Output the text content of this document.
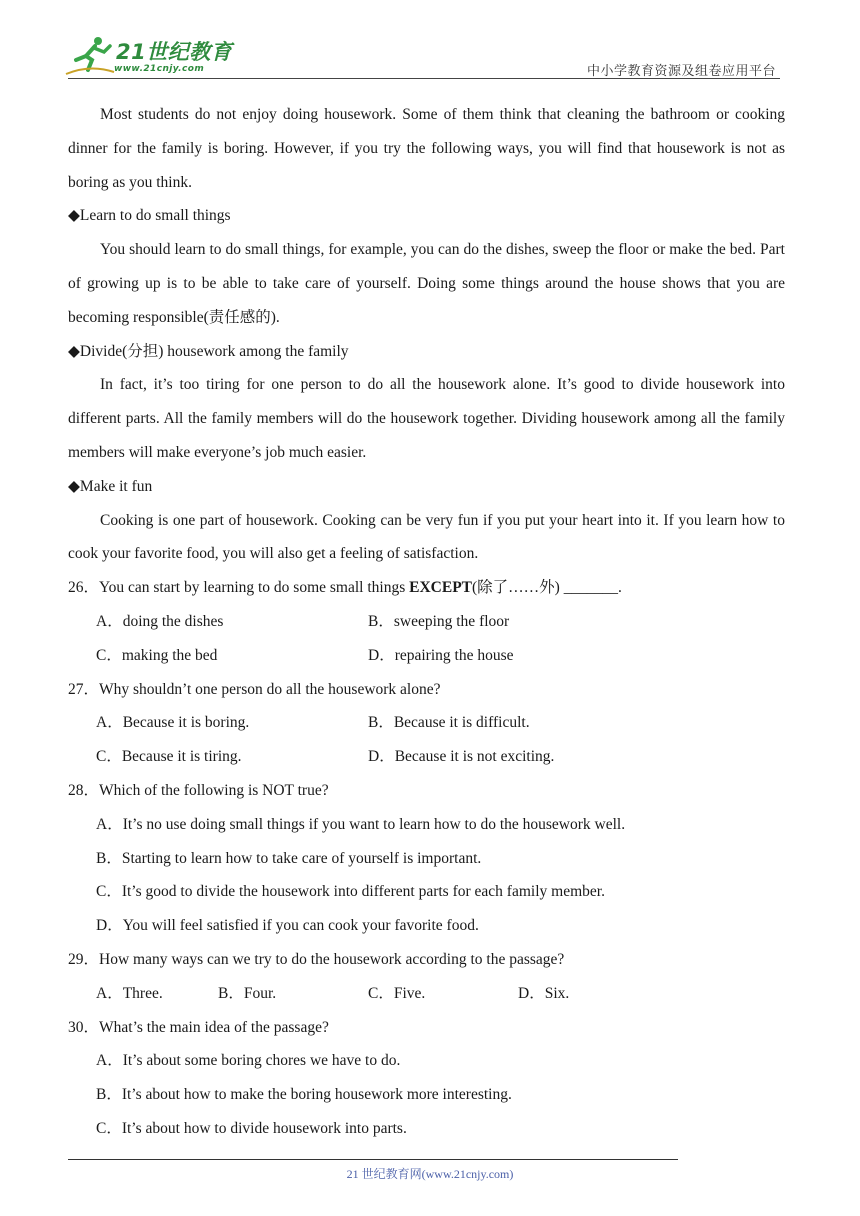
21世纪教育
www.21cnjy.com	中小学教育资源及组卷应用平台

Most students do not enjoy doing housework. Some of them think that cleaning the bathroom or cooking dinner for the family is boring. However, if you try the following ways, you will find that housework is not as boring as you think.

◆Learn to do small things

You should learn to do small things, for example, you can do the dishes, sweep the floor or make the bed. Part of growing up is to be able to take care of yourself. Doing some things around the house shows that you are becoming responsible(责任感的).

◆Divide(分担) housework among the family

In fact, it’s too tiring for one person to do all the housework alone. It’s good to divide housework into different parts. All the family members will do the housework together. Dividing housework among all the family members will make everyone’s job much easier.

◆Make it fun

Cooking is one part of housework. Cooking can be very fun if you put your heart into it. If you learn how to cook your favorite food, you will also get a feeling of satisfaction.

26．You can start by learning to do some small things EXCEPT(除了……外) _______.

A．doing the dishes	B．sweeping the floor
C．making the bed	D．repairing the house

27．Why shouldn’t one person do all the housework alone?

A．Because it is boring.	B．Because it is difficult.
C．Because it is tiring.	D．Because it is not exciting.

28．Which of the following is NOT true?

A．It’s no use doing small things if you want to learn how to do the housework well.

B．Starting to learn how to take care of yourself is important.

C．It’s good to divide the housework into different parts for each family member.

D．You will feel satisfied if you can cook your favorite food.

29．How many ways can we try to do the housework according to the passage?

A．Three.	B．Four.	C．Five.	D．Six.

30．What’s the main idea of the passage?

A．It’s about some boring chores we have to do.

B．It’s about how to make the boring housework more interesting.

C．It’s about how to divide housework into parts.

21 世纪教育网(www.21cnjy.com)
